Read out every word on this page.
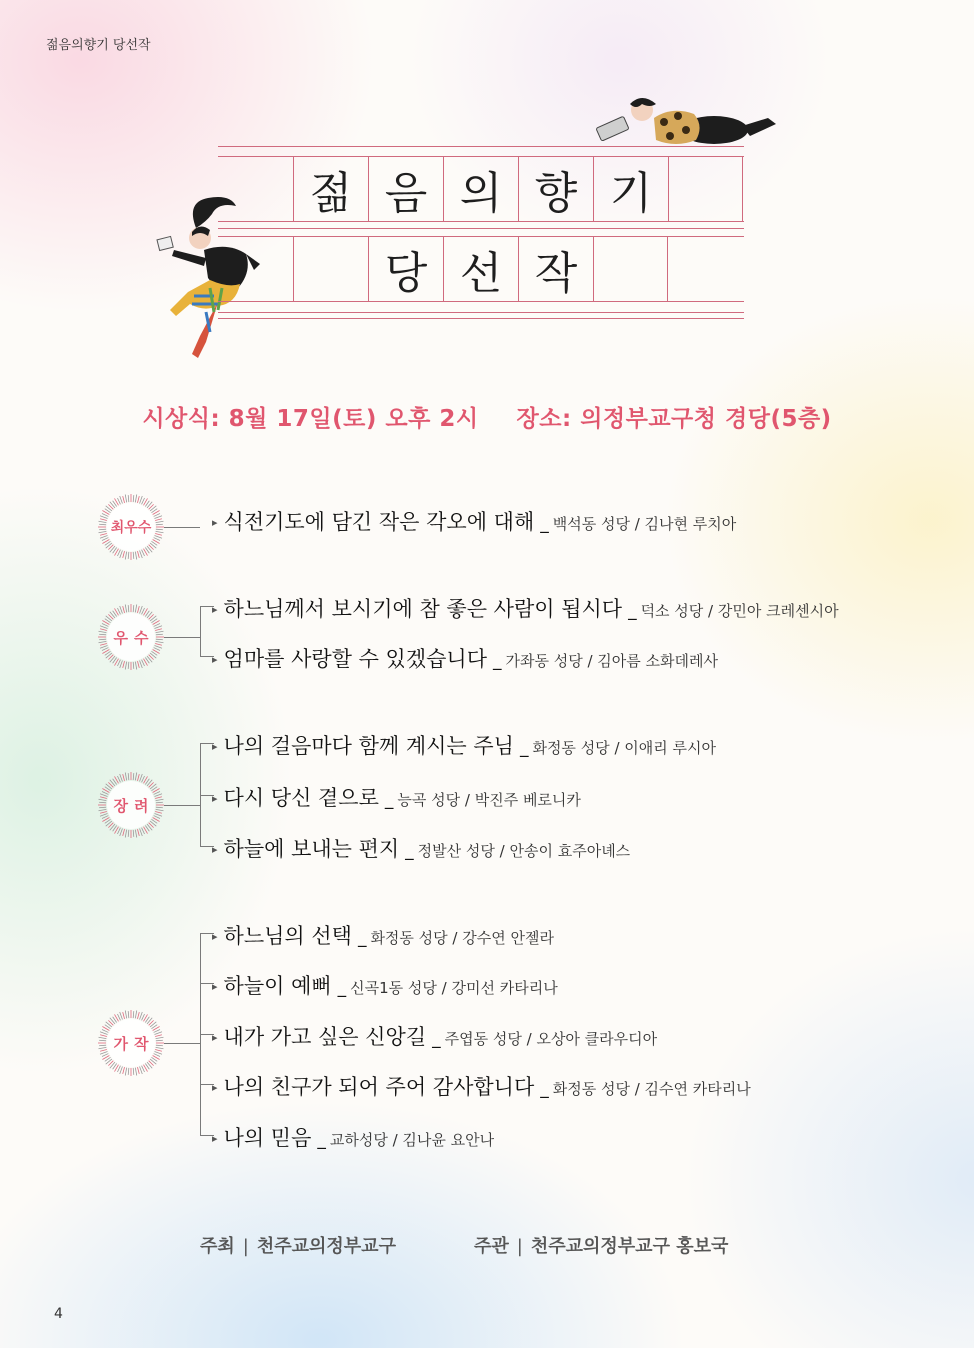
젊음의향기 당선작
젊 음 의 향 기
당 선 작
시상식: 8월 17일(토) 오후 2시 장소: 의정부교구청 경당(5층)
최우수	▸ 식전기도에 담긴 작은 각오에 대해 _ 백석동 성당 / 김나현 루치아
우수
▸ 하느님께서 보시기에 참 좋은 사람이 됩시다 _ 덕소 성당 / 강민아 크레센시아
▸ 엄마를 사랑할 수 있겠습니다 _ 가좌동 성당 / 김아름 소화데레사
장려
▸ 나의 걸음마다 함께 계시는 주님 _ 화정동 성당 / 이애리 루시아
▸ 다시 당신 곁으로 _ 능곡 성당 / 박진주 베로니카
▸ 하늘에 보내는 편지 _ 정발산 성당 / 안송이 효주아녜스
가작
▸ 하느님의 선택 _ 화정동 성당 / 강수연 안젤라
▸ 하늘이 예뻐 _ 신곡1동 성당 / 강미선 카타리나
▸ 내가 가고 싶은 신앙길 _ 주엽동 성당 / 오상아 클라우디아
▸ 나의 친구가 되어 주어 감사합니다 _ 화정동 성당 / 김수연 카타리나
▸ 나의 믿음 _ 교하성당 / 김나윤 요안나
주최 | 천주교의정부교구	주관 | 천주교의정부교구 홍보국
4
